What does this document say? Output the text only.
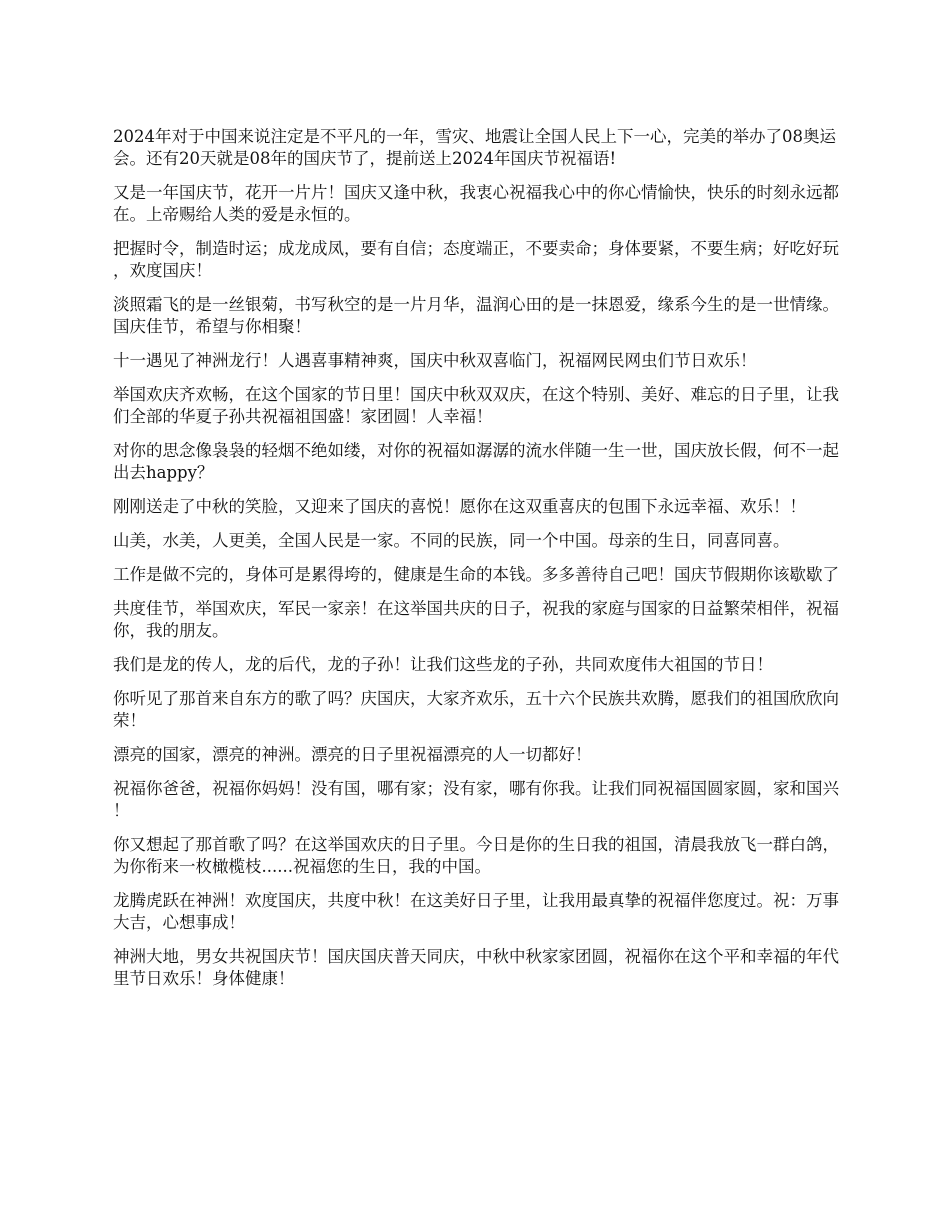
2024年对于中国来说注定是不平凡的一年，雪灾、地震让全国人民上下一心，完美的举办了08奥运会。还有20天就是08年的国庆节了，提前送上2024年国庆节祝福语!

又是一年国庆节，花开一片片！国庆又逢中秋，我衷心祝福我心中的你心情愉快，快乐的时刻永远都在。上帝赐给人类的爱是永恒的。

把握时令，制造时运；成龙成凤，要有自信；态度端正，不要卖命；身体要紧，不要生病；好吃好玩，欢度国庆！

淡照霜飞的是一丝银菊，书写秋空的是一片月华，温润心田的是一抹恩爱，缘系今生的是一世情缘。国庆佳节，希望与你相聚！

十一遇见了神洲龙行！人遇喜事精神爽，国庆中秋双喜临门，祝福网民网虫们节日欢乐！

举国欢庆齐欢畅，在这个国家的节日里！国庆中秋双双庆，在这个特别、美好、难忘的日子里，让我们全部的华夏子孙共祝福祖国盛！家团圆！人幸福！

对你的思念像袅袅的轻烟不绝如缕，对你的祝福如潺潺的流水伴随一生一世，国庆放长假，何不一起出去happy？

刚刚送走了中秋的笑脸，又迎来了国庆的喜悦！愿你在这双重喜庆的包围下永远幸福、欢乐！！

山美，水美，人更美，全国人民是一家。不同的民族，同一个中国。母亲的生日，同喜同喜。

工作是做不完的，身体可是累得垮的，健康是生命的本钱。多多善待自己吧！国庆节假期你该歇歇了

共度佳节，举国欢庆，军民一家亲！在这举国共庆的日子，祝我的家庭与国家的日益繁荣相伴，祝福你，我的朋友。

我们是龙的传人，龙的后代，龙的子孙！让我们这些龙的子孙，共同欢度伟大祖国的节日！

你听见了那首来自东方的歌了吗？庆国庆，大家齐欢乐，五十六个民族共欢腾，愿我们的祖国欣欣向荣！

漂亮的国家，漂亮的神洲。漂亮的日子里祝福漂亮的人一切都好！

祝福你爸爸，祝福你妈妈！没有国，哪有家；没有家，哪有你我。让我们同祝福国圆家圆，家和国兴！

你又想起了那首歌了吗？在这举国欢庆的日子里。今日是你的生日我的祖国，清晨我放飞一群白鸽，为你衔来一枚橄榄枝......祝福您的生日，我的中国。

龙腾虎跃在神洲！欢度国庆，共度中秋！在这美好日子里，让我用最真挚的祝福伴您度过。祝：万事大吉，心想事成！

神洲大地，男女共祝国庆节！国庆国庆普天同庆，中秋中秋家家团圆，祝福你在这个平和幸福的年代里节日欢乐！身体健康！
